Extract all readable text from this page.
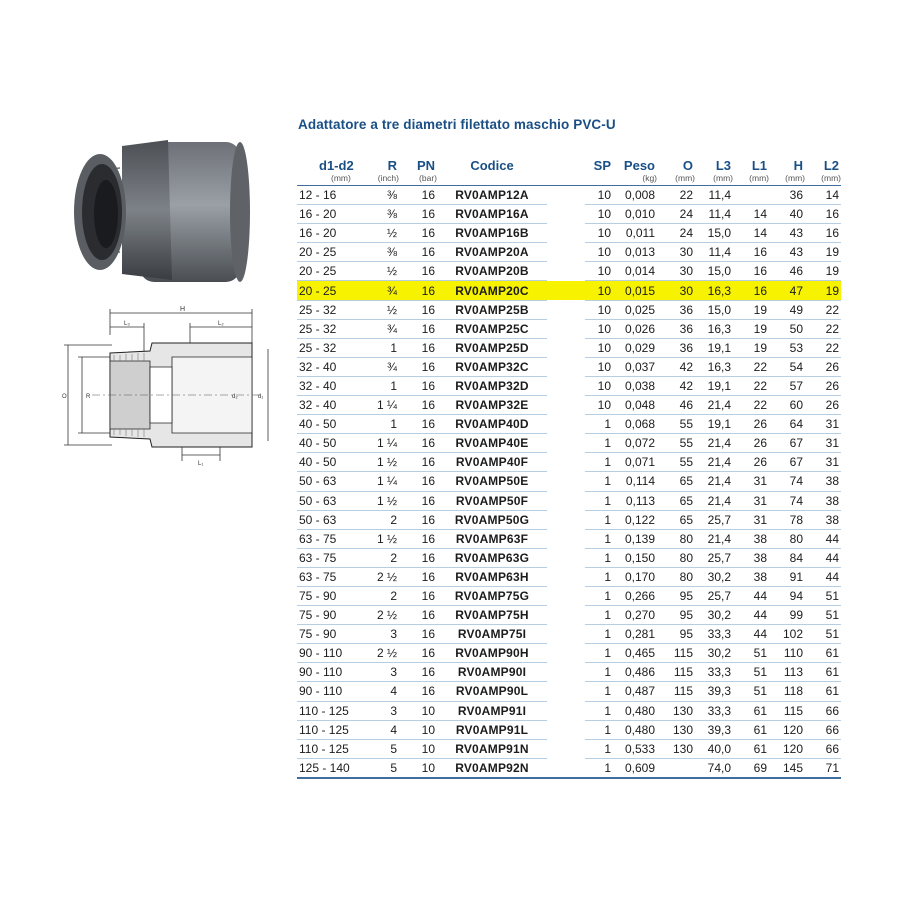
H
L₃	L₂
L₁
O	R	d₂	d₁
Adattatore a tre diametri filettato maschio PVC-U
d1-d2	R	PN	Codice		SP	Peso	O	L3	L1	H	L2
(mm)	(inch)	(bar)				(kg)	(mm)	(mm)	(mm)	(mm)	(mm)
12 - 16	⅜	16	RV0AMP12A		10	0,008	22	11,4		36	14
16 - 20	⅜	16	RV0AMP16A		10	0,010	24	11,4	14	40	16
16 - 20	½	16	RV0AMP16B		10	0,011	24	15,0	14	43	16
20 - 25	⅜	16	RV0AMP20A		10	0,013	30	11,4	16	43	19
20 - 25	½	16	RV0AMP20B		10	0,014	30	15,0	16	46	19
20 - 25	¾	16	RV0AMP20C		10	0,015	30	16,3	16	47	19
25 - 32	½	16	RV0AMP25B		10	0,025	36	15,0	19	49	22
25 - 32	¾	16	RV0AMP25C		10	0,026	36	16,3	19	50	22
25 - 32	1	16	RV0AMP25D		10	0,029	36	19,1	19	53	22
32 - 40	¾	16	RV0AMP32C		10	0,037	42	16,3	22	54	26
32 - 40	1	16	RV0AMP32D		10	0,038	42	19,1	22	57	26
32 - 40	1 ¼	16	RV0AMP32E		10	0,048	46	21,4	22	60	26
40 - 50	1	16	RV0AMP40D		1	0,068	55	19,1	26	64	31
40 - 50	1 ¼	16	RV0AMP40E		1	0,072	55	21,4	26	67	31
40 - 50	1 ½	16	RV0AMP40F		1	0,071	55	21,4	26	67	31
50 - 63	1 ¼	16	RV0AMP50E		1	0,114	65	21,4	31	74	38
50 - 63	1 ½	16	RV0AMP50F		1	0,113	65	21,4	31	74	38
50 - 63	2	16	RV0AMP50G		1	0,122	65	25,7	31	78	38
63 - 75	1 ½	16	RV0AMP63F		1	0,139	80	21,4	38	80	44
63 - 75	2	16	RV0AMP63G		1	0,150	80	25,7	38	84	44
63 - 75	2 ½	16	RV0AMP63H		1	0,170	80	30,2	38	91	44
75 - 90	2	16	RV0AMP75G		1	0,266	95	25,7	44	94	51
75 - 90	2 ½	16	RV0AMP75H		1	0,270	95	30,2	44	99	51
75 - 90	3	16	RV0AMP75I		1	0,281	95	33,3	44	102	51
90 - 110	2 ½	16	RV0AMP90H		1	0,465	115	30,2	51	110	61
90 - 110	3	16	RV0AMP90I		1	0,486	115	33,3	51	113	61
90 - 110	4	16	RV0AMP90L		1	0,487	115	39,3	51	118	61
110 - 125	3	10	RV0AMP91I		1	0,480	130	33,3	61	115	66
110 - 125	4	10	RV0AMP91L		1	0,480	130	39,3	61	120	66
110 - 125	5	10	RV0AMP91N		1	0,533	130	40,0	61	120	66
125 - 140	5	10	RV0AMP92N		1	0,609		74,0	69	145	71
